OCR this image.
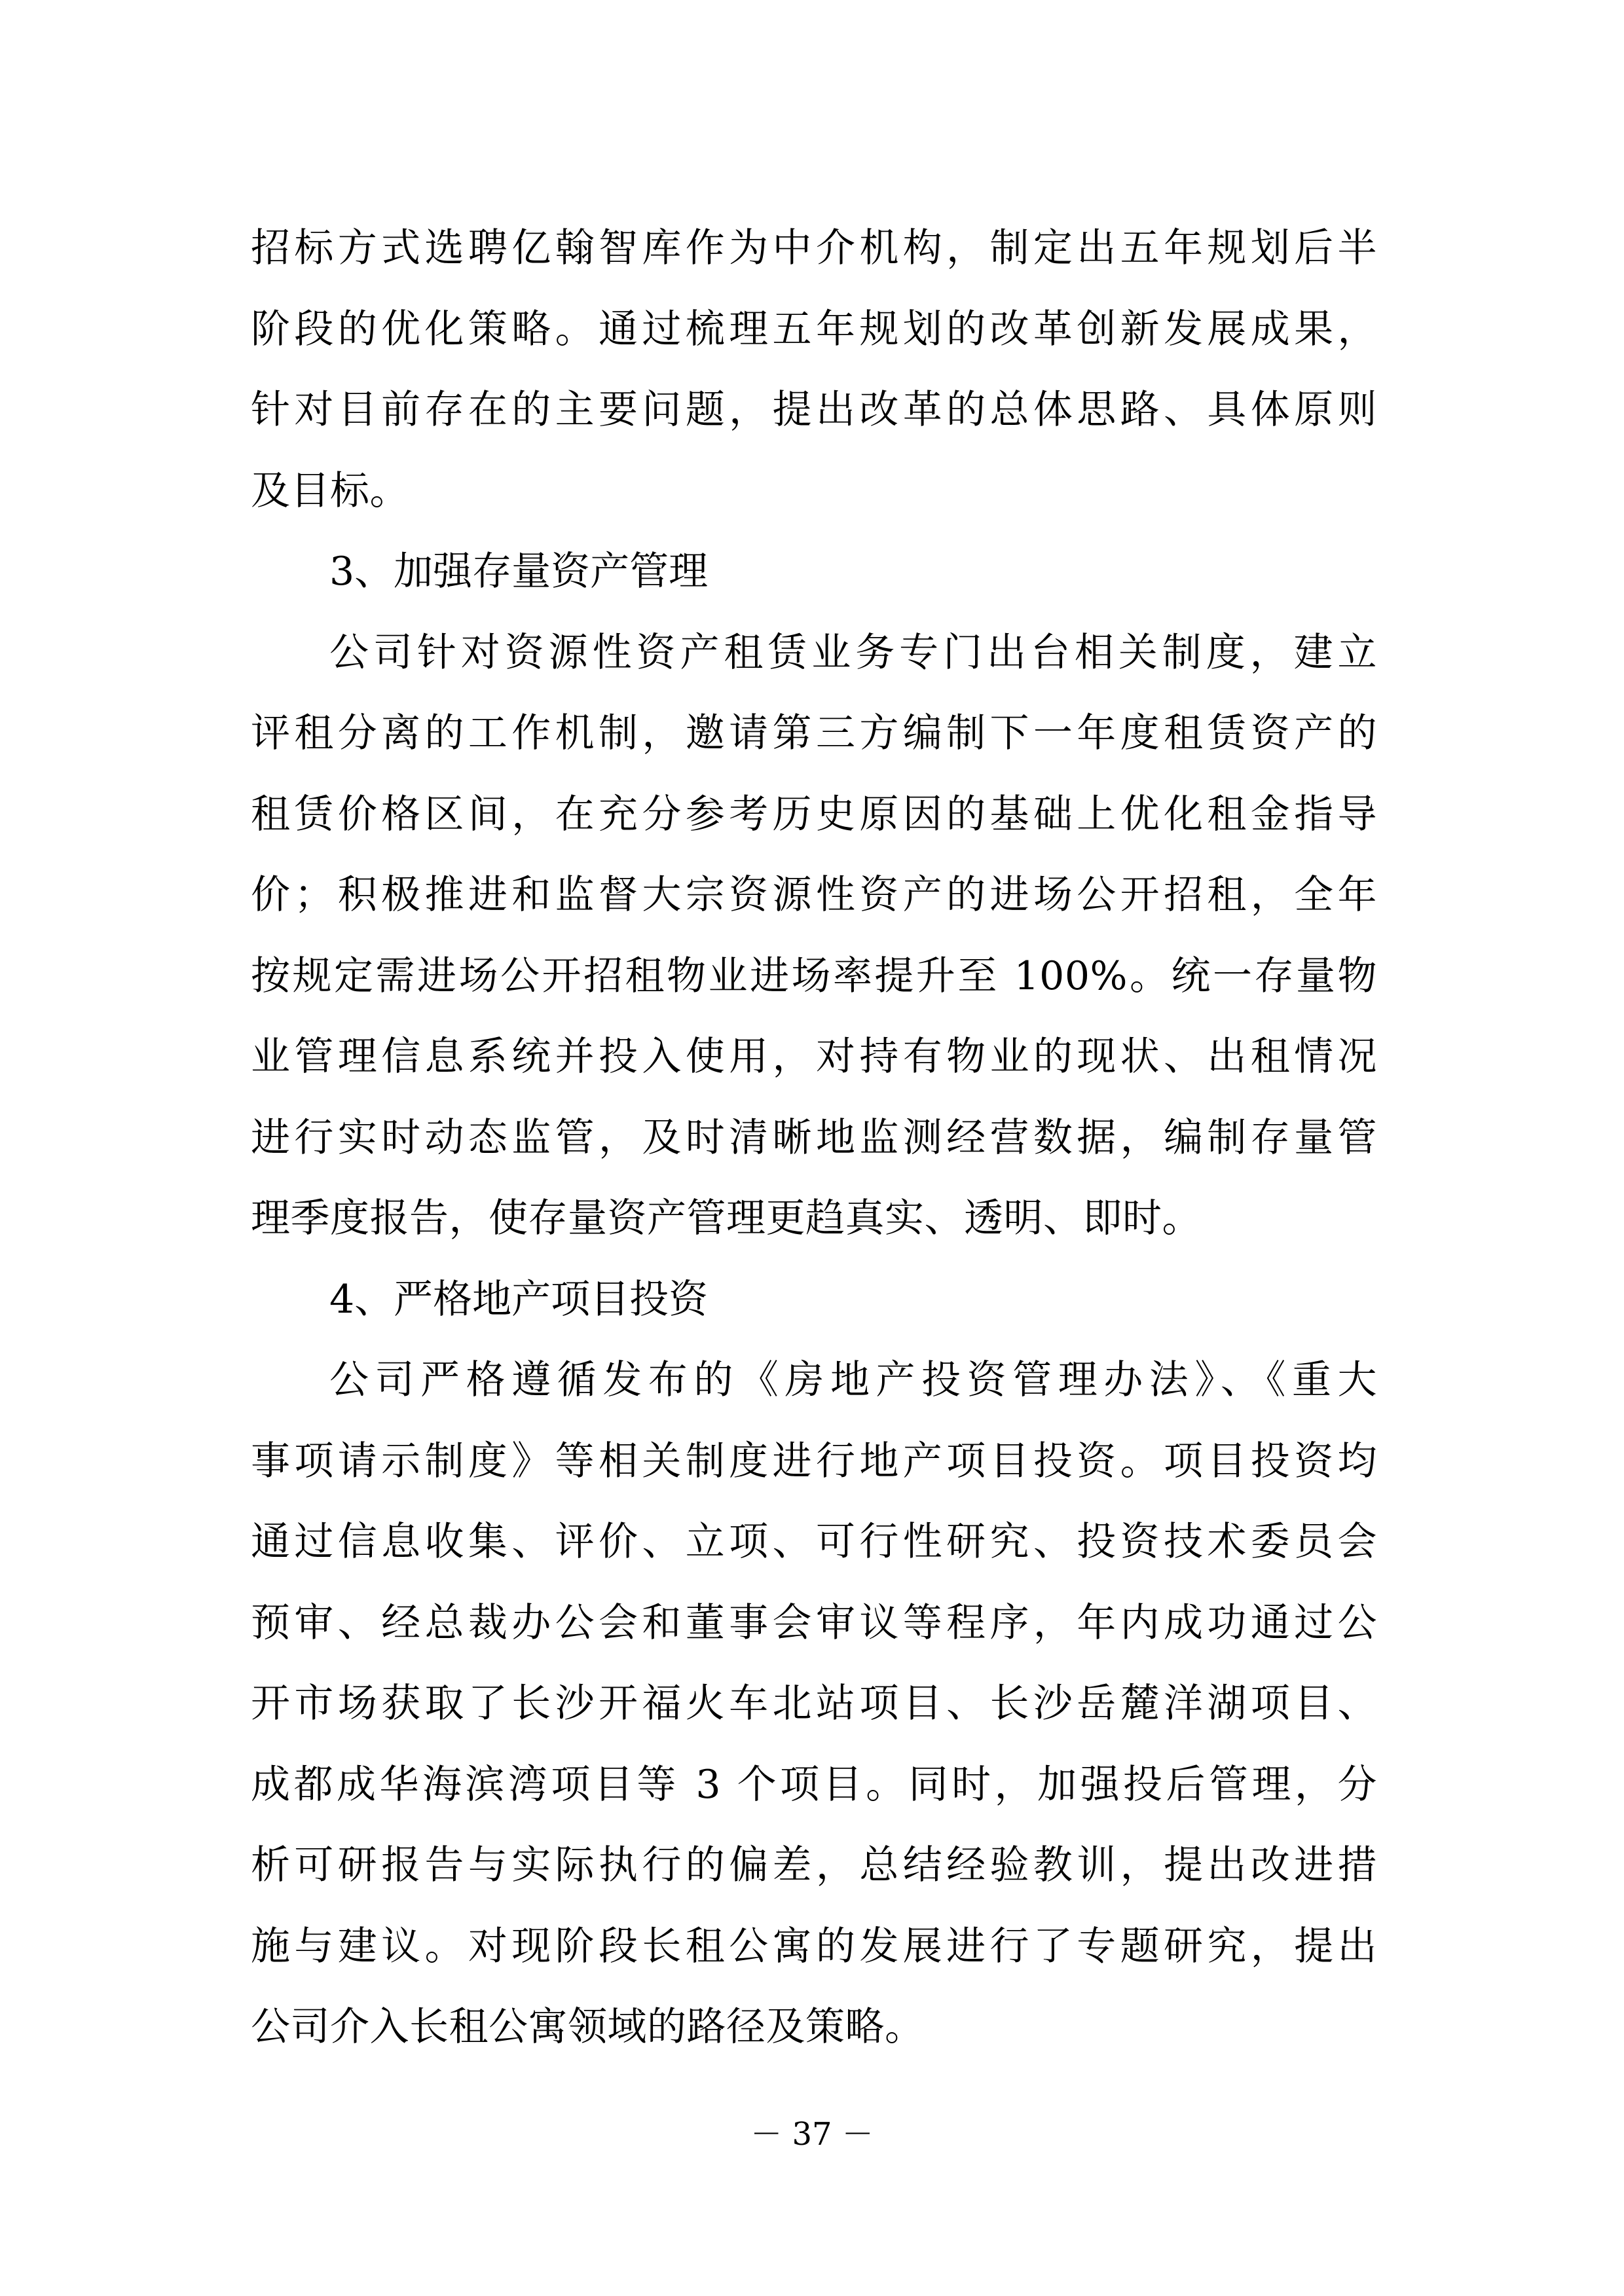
招标方式选聘亿翰智库作为中介机构，制定出五年规划后半
阶段的优化策略。通过梳理五年规划的改革创新发展成果，
针对目前存在的主要问题，提出改革的总体思路、具体原则
及目标。
3、加强存量资产管理
公司针对资源性资产租赁业务专门出台相关制度，建立
评租分离的工作机制，邀请第三方编制下一年度租赁资产的
租赁价格区间，在充分参考历史原因的基础上优化租金指导
价；积极推进和监督大宗资源性资产的进场公开招租，全年
按规定需进场公开招租物业进场率提升至 100%。统一存量物
业管理信息系统并投入使用，对持有物业的现状、出租情况
进行实时动态监管，及时清晰地监测经营数据，编制存量管
理季度报告，使存量资产管理更趋真实、透明、即时。
4、严格地产项目投资
公司严格遵循发布的《房地产投资管理办法》、《重大
事项请示制度》等相关制度进行地产项目投资。项目投资均
通过信息收集、评价、立项、可行性研究、投资技术委员会
预审、经总裁办公会和董事会审议等程序，年内成功通过公
开市场获取了长沙开福火车北站项目、长沙岳麓洋湖项目、
成都成华海滨湾项目等 3 个项目。同时，加强投后管理，分
析可研报告与实际执行的偏差，总结经验教训，提出改进措
施与建议。对现阶段长租公寓的发展进行了专题研究，提出
公司介入长租公寓领域的路径及策略。
－ 37 －
